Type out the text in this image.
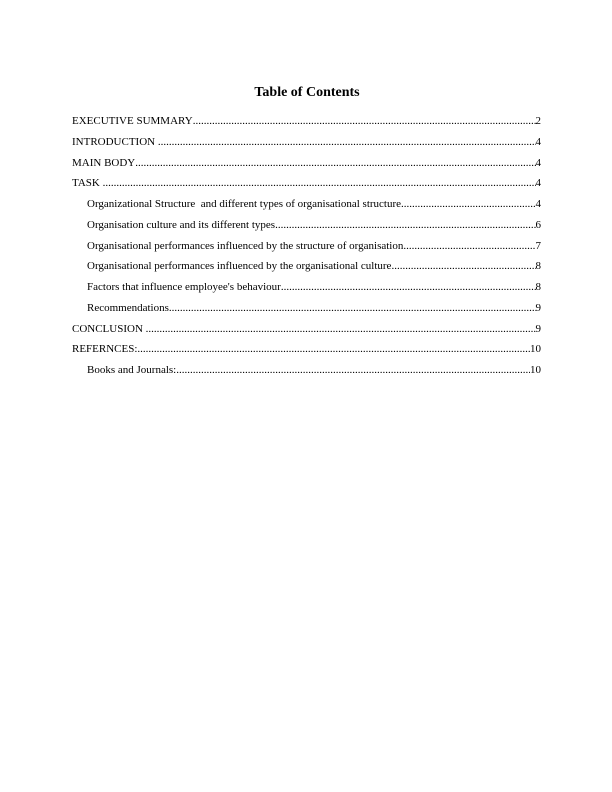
Table of Contents
EXECUTIVE SUMMARY .....	2
INTRODUCTION .....	4
MAIN BODY .....	4
TASK .....	4
Organizational Structure  and different types of organisational structure .....	4
Organisation culture and its different types .....	6
Organisational performances influenced by the structure of organisation .....	7
Organisational performances influenced by the organisational culture .....	8
Factors that influence employee's behaviour .....	8
Recommendations .....	9
CONCLUSION .....	9
REFERNCES: .....	10
Books and Journals: .....	10
